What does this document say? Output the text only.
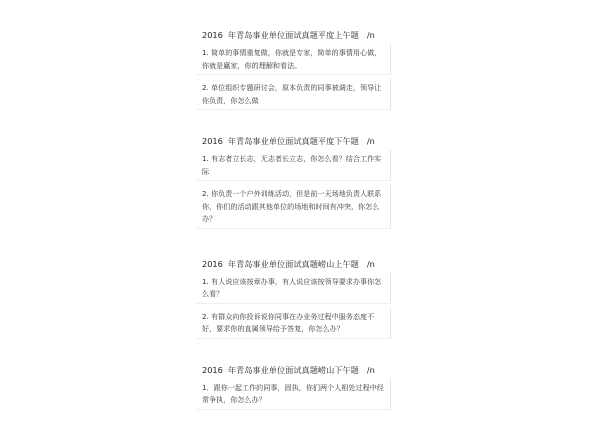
2016 年青岛事业单位面试真题平度上午题 /n
1. 简单的事情重复做，你就是专家，简单的事情用心做，你就是赢家，你的理解和看法。
2. 单位组织专题研讨会，原本负责的同事被调走，领导让你负责，你怎么做
2016 年青岛事业单位面试真题平度下午题 /n
1. 有志者立长志，无志者长立志，你怎么看？结合工作实际
2. 你负责一个户外训练活动，但是前一天场地负责人联系你，你们的活动跟其他单位的场地和时间有冲突，你怎么办？
2016 年青岛事业单位面试真题崂山上午题 /n
1. 有人说应该按章办事，有人说应该按领导要求办事你怎么看？
2. 有群众向你投诉说你同事在办业务过程中服务态度不好，要求你的直属领导给予答复，你怎么办？
2016 年青岛事业单位面试真题崂山下午题 /n
1．跟你一起工作的同事，固执，你们两个人相处过程中经常争执，你怎么办？
